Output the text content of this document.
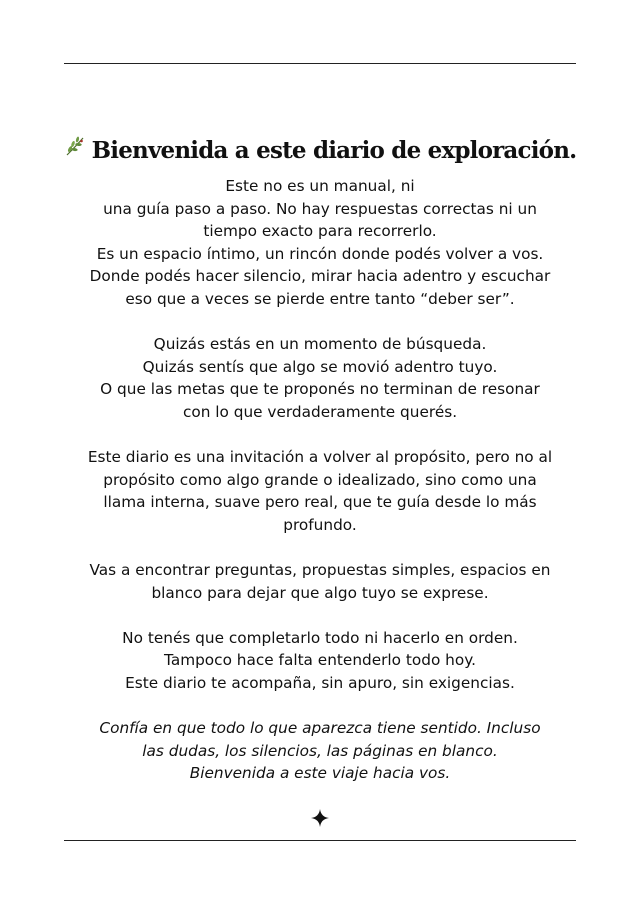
Bienvenida a este diario de exploración.

Este no es un manual, ni
una guía paso a paso. No hay respuestas correctas ni un
tiempo exacto para recorrerlo.
Es un espacio íntimo, un rincón donde podés volver a vos.
Donde podés hacer silencio, mirar hacia adentro y escuchar
eso que a veces se pierde entre tanto “deber ser”.

Quizás estás en un momento de búsqueda.
Quizás sentís que algo se movió adentro tuyo.
O que las metas que te proponés no terminan de resonar
con lo que verdaderamente querés.

Este diario es una invitación a volver al propósito, pero no al
propósito como algo grande o idealizado, sino como una
llama interna, suave pero real, que te guía desde lo más
profundo.

Vas a encontrar preguntas, propuestas simples, espacios en
blanco para dejar que algo tuyo se exprese.

No tenés que completarlo todo ni hacerlo en orden.
Tampoco hace falta entenderlo todo hoy.
Este diario te acompaña, sin apuro, sin exigencias.

Confía en que todo lo que aparezca tiene sentido. Incluso
las dudas, los silencios, las páginas en blanco.
Bienvenida a este viaje hacia vos.
